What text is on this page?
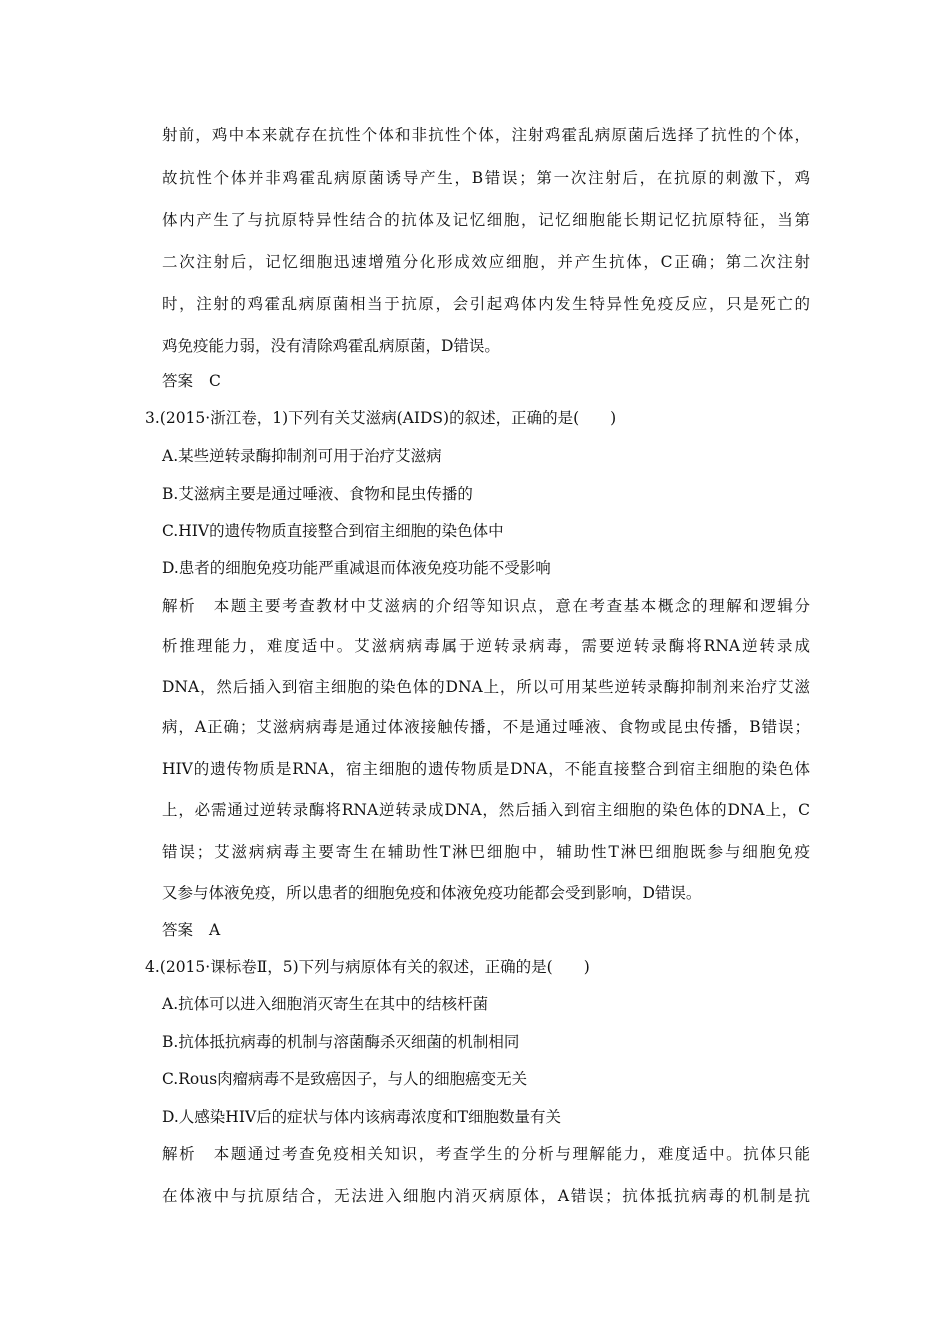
射前，鸡中本来就存在抗性个体和非抗性个体，注射鸡霍乱病原菌后选择了抗性的个体，
故抗性个体并非鸡霍乱病原菌诱导产生，B错误；第一次注射后，在抗原的刺激下，鸡
体内产生了与抗原特异性结合的抗体及记忆细胞，记忆细胞能长期记忆抗原特征，当第
二次注射后，记忆细胞迅速增殖分化形成效应细胞，并产生抗体，C正确；第二次注射
时，注射的鸡霍乱病原菌相当于抗原，会引起鸡体内发生特异性免疫反应，只是死亡的
鸡免疫能力弱，没有清除鸡霍乱病原菌，D错误。
答案 C
3.(2015·浙江卷，1)下列有关艾滋病(AIDS)的叙述，正确的是(　　)
A.某些逆转录酶抑制剂可用于治疗艾滋病
B.艾滋病主要是通过唾液、食物和昆虫传播的
C.HIV的遗传物质直接整合到宿主细胞的染色体中
D.患者的细胞免疫功能严重减退而体液免疫功能不受影响
解析 本题主要考查教材中艾滋病的介绍等知识点，意在考查基本概念的理解和逻辑分
析推理能力，难度适中。艾滋病病毒属于逆转录病毒，需要逆转录酶将RNA逆转录成
DNA，然后插入到宿主细胞的染色体的DNA上，所以可用某些逆转录酶抑制剂来治疗艾滋
病，A正确；艾滋病病毒是通过体液接触传播，不是通过唾液、食物或昆虫传播，B错误；
HIV的遗传物质是RNA，宿主细胞的遗传物质是DNA，不能直接整合到宿主细胞的染色体
上，必需通过逆转录酶将RNA逆转录成DNA，然后插入到宿主细胞的染色体的DNA上，C
错误；艾滋病病毒主要寄生在辅助性T淋巴细胞中，辅助性T淋巴细胞既参与细胞免疫
又参与体液免疫，所以患者的细胞免疫和体液免疫功能都会受到影响，D错误。
答案 A
4.(2015·课标卷Ⅱ，5)下列与病原体有关的叙述，正确的是(　　)
A.抗体可以进入细胞消灭寄生在其中的结核杆菌
B.抗体抵抗病毒的机制与溶菌酶杀灭细菌的机制相同
C.Rous肉瘤病毒不是致癌因子，与人的细胞癌变无关
D.人感染HIV后的症状与体内该病毒浓度和T细胞数量有关
解析 本题通过考查免疫相关知识，考查学生的分析与理解能力，难度适中。抗体只能
在体液中与抗原结合，无法进入细胞内消灭病原体，A错误；抗体抵抗病毒的机制是抗
